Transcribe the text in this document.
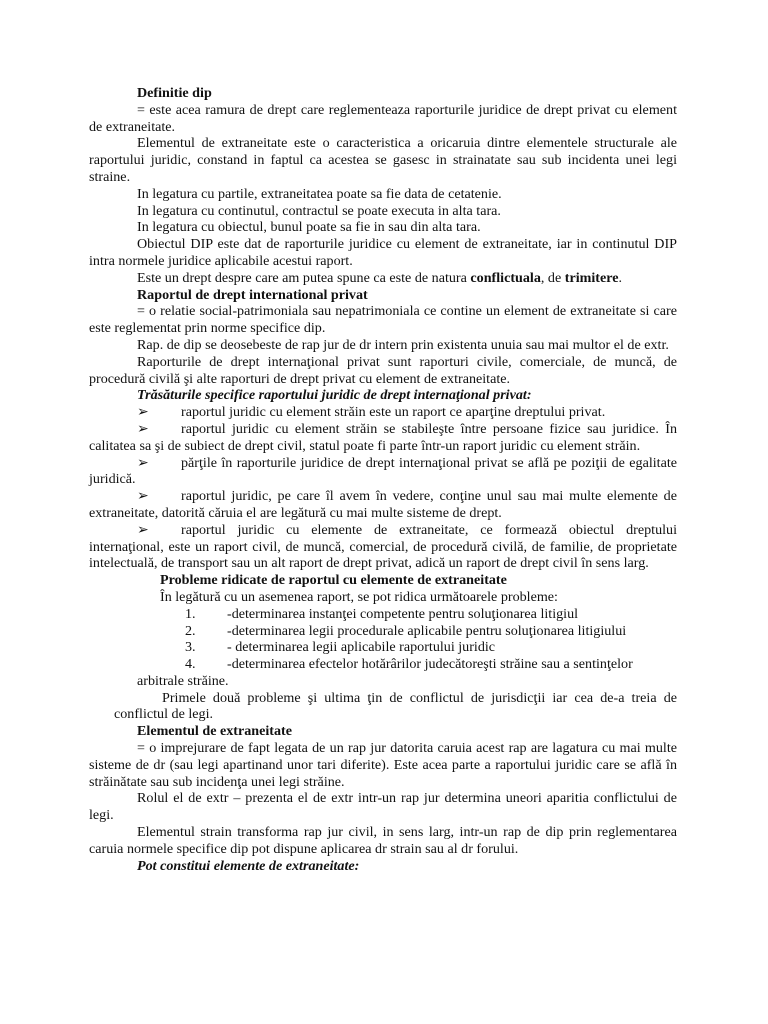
Definitie dip

= este acea ramura de drept care reglementeaza raporturile juridice de drept privat cu element de extraneitate.

Elementul de extraneitate este o caracteristica a oricaruia dintre elementele structurale ale raportului juridic, constand in faptul ca acestea se gasesc in strainatate sau sub incidenta unei legi straine.

In legatura cu partile, extraneitatea poate sa fie data de cetatenie.

In legatura cu continutul, contractul se poate executa in alta tara.

In legatura cu obiectul, bunul poate sa fie in sau din alta tara.

Obiectul DIP este dat de raporturile juridice cu element de extraneitate, iar in continutul DIP intra normele juridice aplicabile acestui raport.

Este un drept despre care am putea spune ca este de natura conflictuala, de trimitere.

Raportul de drept international privat

= o relatie social-patrimoniala sau nepatrimoniala ce contine un element de extraneitate si care este reglementat prin norme specifice dip.

Rap. de dip se deosebeste de rap jur de dr intern prin existenta unuia sau mai multor el de extr.

Raporturile de drept internaţional privat sunt raporturi civile, comerciale, de muncă, de procedură civilă şi alte raporturi de drept privat cu element de extraneitate.

Trăsăturile specifice raportului juridic de drept internaţional privat:

➢ raportul juridic cu element străin este un raport ce aparţine dreptului privat.

➢ raportul juridic cu element străin se stabileşte între persoane fizice sau juridice. În calitatea sa şi de subiect de drept civil, statul poate fi parte într-un raport juridic cu element străin.

➢ părţile în raporturile juridice de drept internaţional privat se află pe poziţii de egalitate juridică.

➢ raportul juridic, pe care îl avem în vedere, conţine unul sau mai multe elemente de extraneitate, datorită căruia el are legătură cu mai multe sisteme de drept.

➢ raportul juridic cu elemente de extraneitate, ce formează obiectul dreptului internaţional, este un raport civil, de muncă, comercial, de procedură civilă, de familie, de proprietate intelectuală, de transport sau un alt raport de drept privat, adică un raport de drept civil în sens larg.

Probleme ridicate de raportul cu elemente de extraneitate

În legătură cu un asemenea raport, se pot ridica următoarele probleme:

1.	-determinarea instanţei competente pentru soluţionarea litigiul
2.	-determinarea legii procedurale aplicabile pentru soluţionarea litigiului
3.	- determinarea legii aplicabile raportului juridic
4.	-determinarea efectelor hotărârilor judecătoreşti străine sau a sentinţelor

arbitrale străine.

Primele două probleme şi ultima ţin de conflictul de jurisdicţii iar cea de-a treia de conflictul de legi.

Elementul de extraneitate

= o imprejurare de fapt legata de un rap jur datorita caruia acest rap are lagatura cu mai multe sisteme de dr (sau legi apartinand unor tari diferite). Este acea parte a raportului juridic care se află în străinătate sau sub incidenţa unei legi străine.

Rolul el de extr – prezenta el de extr intr-un rap jur determina uneori aparitia conflictului de legi.

Elementul strain transforma rap jur civil, in sens larg, intr-un rap de dip prin reglementarea caruia normele specifice dip pot dispune aplicarea dr strain sau al dr forului.

Pot constitui elemente de extraneitate:
